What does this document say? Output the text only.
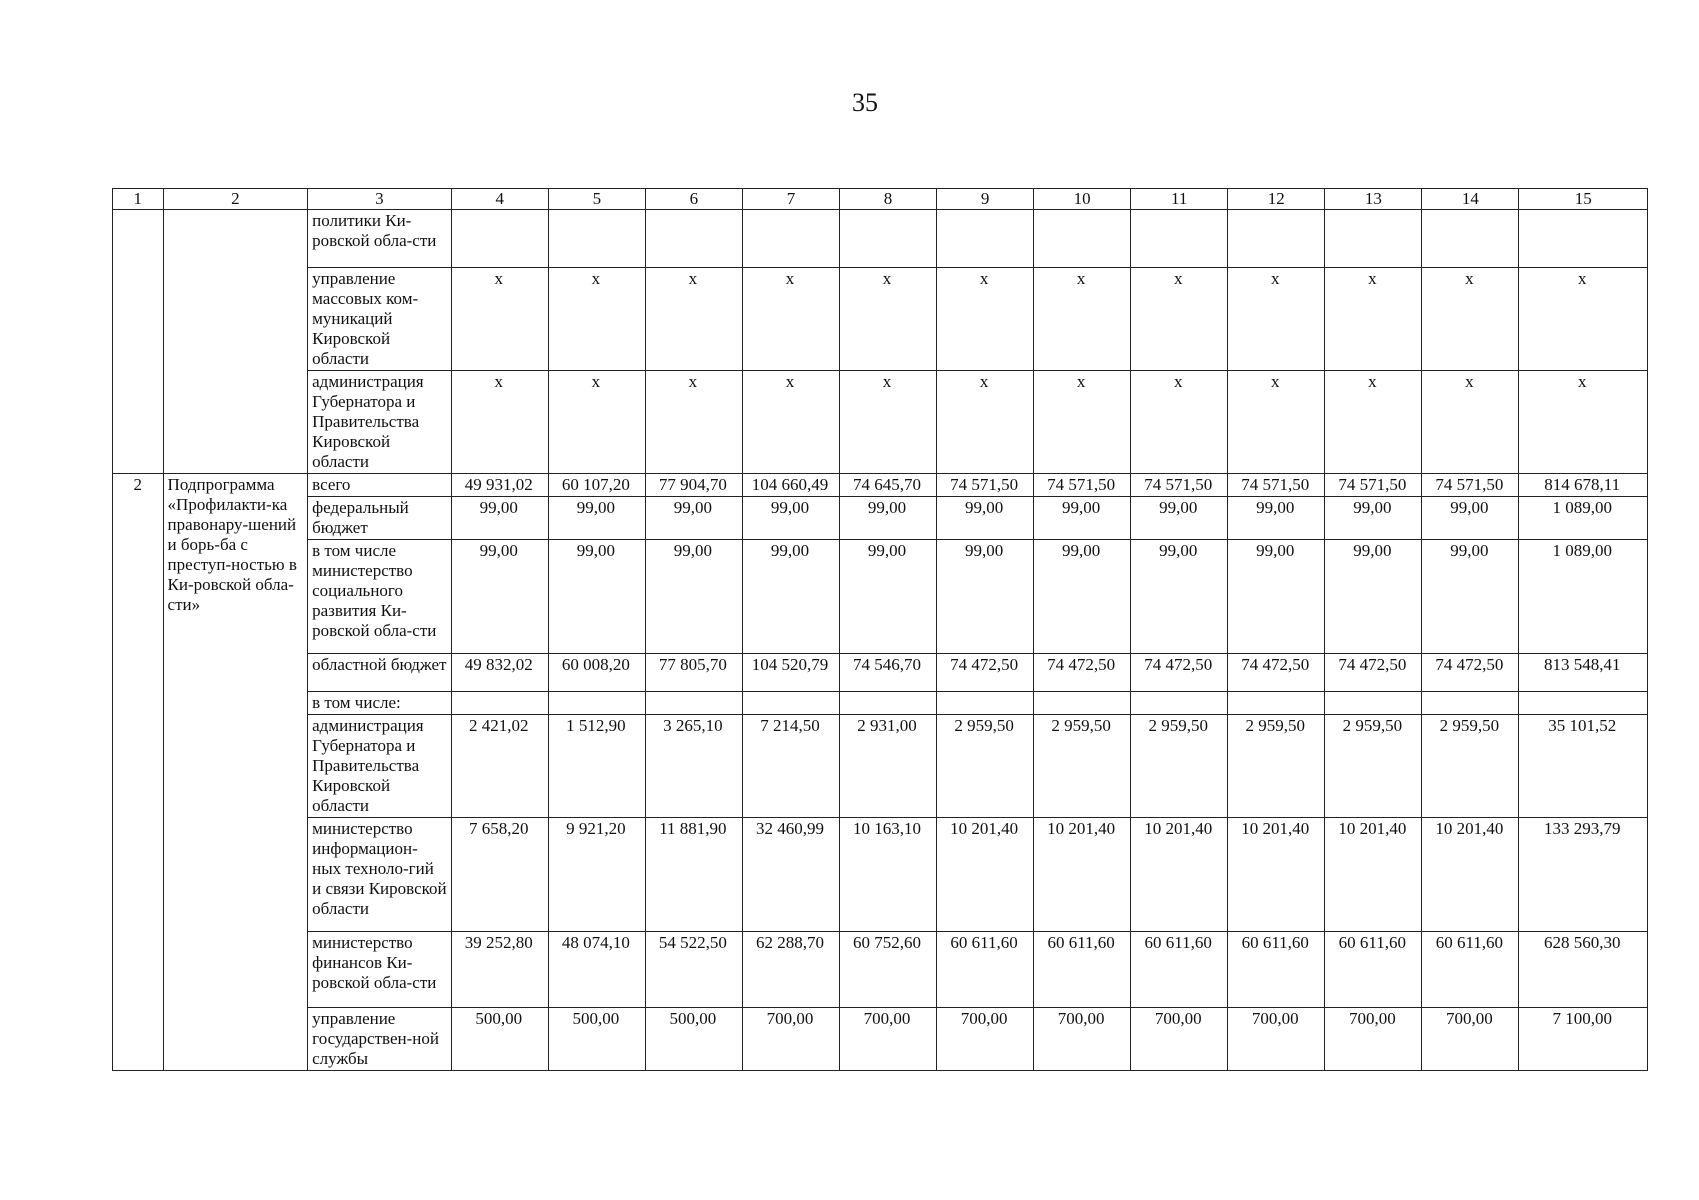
35
1	2	3	4	5	6	7	8	9	10	11	12	13	14	15
		политики Ки-ровской обла-сти												
		управление массовых ком-муникаций Кировской области	x	x	x	x	x	x	x	x	x	x	x	x
		администрация Губернатора и Правительства Кировской области	x	x	x	x	x	x	x	x	x	x	x	x
2	Подпрограмма «Профилакти-ка правонару-шений и борь-ба с преступ-ностью в Ки-ровской обла-сти»	всего	49 931,02	60 107,20	77 904,70	104 660,49	74 645,70	74 571,50	74 571,50	74 571,50	74 571,50	74 571,50	74 571,50	814 678,11
		федеральный бюджет	99,00	99,00	99,00	99,00	99,00	99,00	99,00	99,00	99,00	99,00	99,00	1 089,00
		в том числе министерство социального развития Ки-ровской обла-сти	99,00	99,00	99,00	99,00	99,00	99,00	99,00	99,00	99,00	99,00	99,00	1 089,00
		областной бюджет	49 832,02	60 008,20	77 805,70	104 520,79	74 546,70	74 472,50	74 472,50	74 472,50	74 472,50	74 472,50	74 472,50	813 548,41
		в том числе:												
		администрация Губернатора и Правительства Кировской области	2 421,02	1 512,90	3 265,10	7 214,50	2 931,00	2 959,50	2 959,50	2 959,50	2 959,50	2 959,50	2 959,50	35 101,52
		министерство информацион-ных техноло-гий и связи Кировской области	7 658,20	9 921,20	11 881,90	32 460,99	10 163,10	10 201,40	10 201,40	10 201,40	10 201,40	10 201,40	10 201,40	133 293,79
		министерство финансов Ки-ровской обла-сти	39 252,80	48 074,10	54 522,50	62 288,70	60 752,60	60 611,60	60 611,60	60 611,60	60 611,60	60 611,60	60 611,60	628 560,30
		управление государствен-ной службы	500,00	500,00	500,00	700,00	700,00	700,00	700,00	700,00	700,00	700,00	700,00	7 100,00
